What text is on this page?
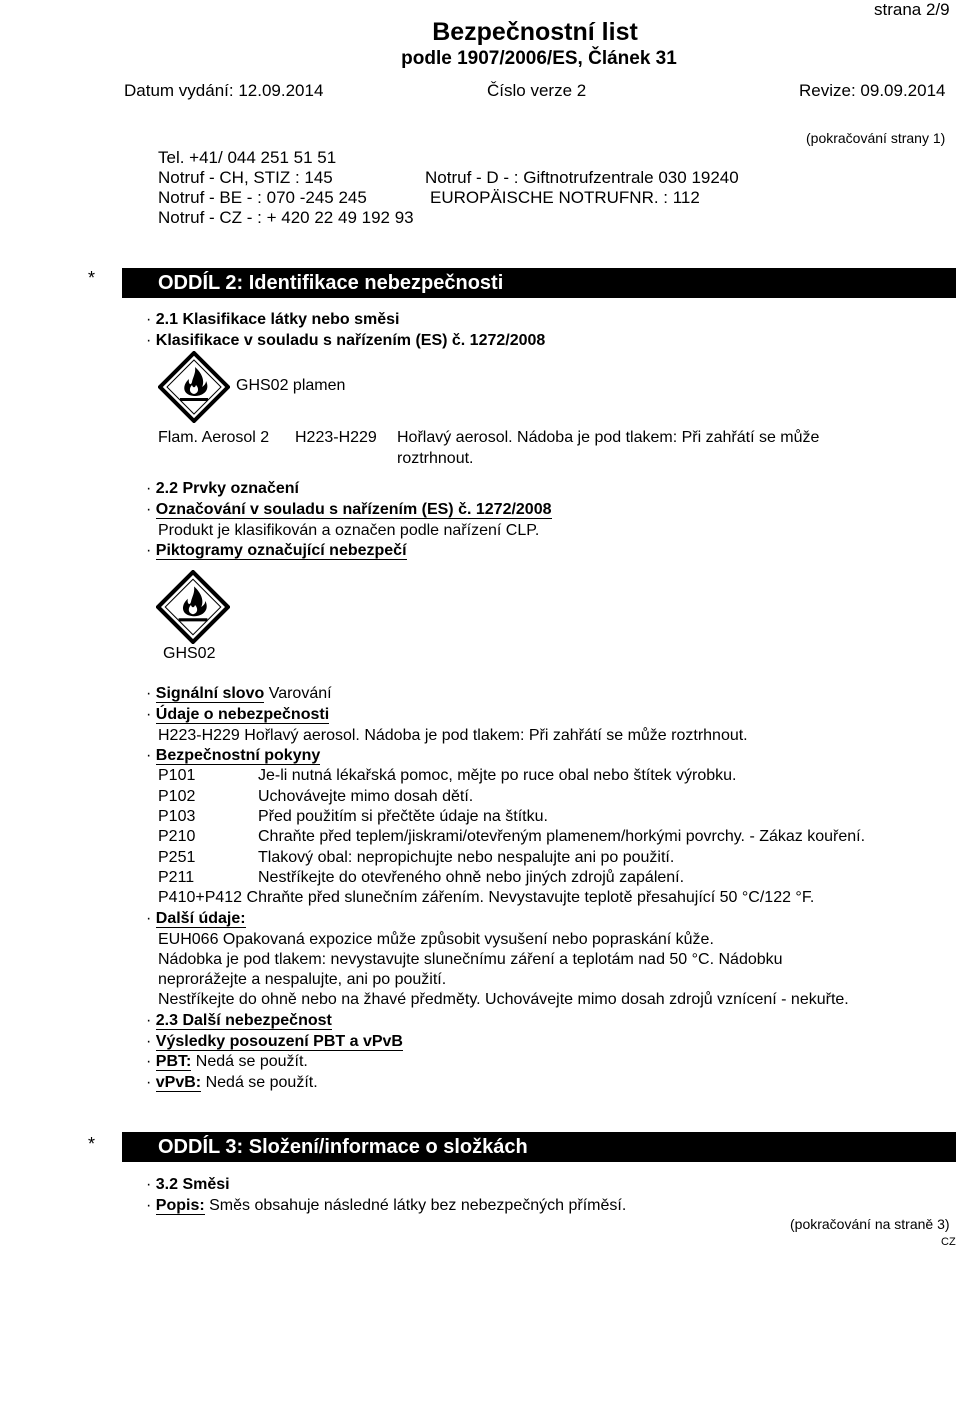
strana 2/9
Bezpečnostní list
podle 1907/2006/ES, Článek 31
Datum vydání: 12.09.2014	Číslo verze 2	Revize: 09.09.2014
(pokračování strany 1)
Tel. +41/ 044 251 51 51
Notruf - CH, STIZ : 145	Notruf - D - : Giftnotrufzentrale 030 19240
Notruf - BE - : 070 -245 245	EUROPÄISCHE NOTRUFNR. : 112
Notruf - CZ - : + 420 22 49 192 93
*	ODDÍL 2: Identifikace nebezpečnosti
· 2.1 Klasifikace látky nebo směsi
· Klasifikace v souladu s nařízením (ES) č. 1272/2008
GHS02 plamen
Flam. Aerosol 2 H223-H229 Hořlavý aerosol. Nádoba je pod tlakem: Při zahřátí se může
roztrhnout.
· 2.2 Prvky označení
· Označování v souladu s nařízením (ES) č. 1272/2008
Produkt je klasifikován a označen podle nařízení CLP.
· Piktogramy označující nebezpečí
GHS02
· Signální slovo Varování
· Údaje o nebezpečnosti
H223-H229 Hořlavý aerosol. Nádoba je pod tlakem: Při zahřátí se může roztrhnout.
· Bezpečnostní pokyny
P101	Je-li nutná lékařská pomoc, mějte po ruce obal nebo štítek výrobku.
P102	Uchovávejte mimo dosah dětí.
P103	Před použitím si přečtěte údaje na štítku.
P210	Chraňte před teplem/jiskrami/otevřeným plamenem/horkými povrchy. - Zákaz kouření.
P251	Tlakový obal: nepropichujte nebo nespalujte ani po použití.
P211	Nestříkejte do otevřeného ohně nebo jiných zdrojů zapálení.
P410+P412 Chraňte před slunečním zářením. Nevystavujte teplotě přesahující 50 °C/122 °F.
· Další údaje:
EUH066 Opakovaná expozice může způsobit vysušení nebo popraskání kůže.
Nádobka je pod tlakem: nevystavujte slunečnímu záření a teplotám nad 50 °C. Nádobku
neprorážejte a nespalujte, ani po použití.
Nestříkejte do ohně nebo na žhavé předměty. Uchovávejte mimo dosah zdrojů vznícení - nekuřte.
· 2.3 Další nebezpečnost
· Výsledky posouzení PBT a vPvB
· PBT: Nedá se použít.
· vPvB: Nedá se použít.
*	ODDÍL 3: Složení/informace o složkách
· 3.2 Směsi
· Popis: Směs obsahuje následné látky bez nebezpečných příměsí.
(pokračování na straně 3)
CZ
